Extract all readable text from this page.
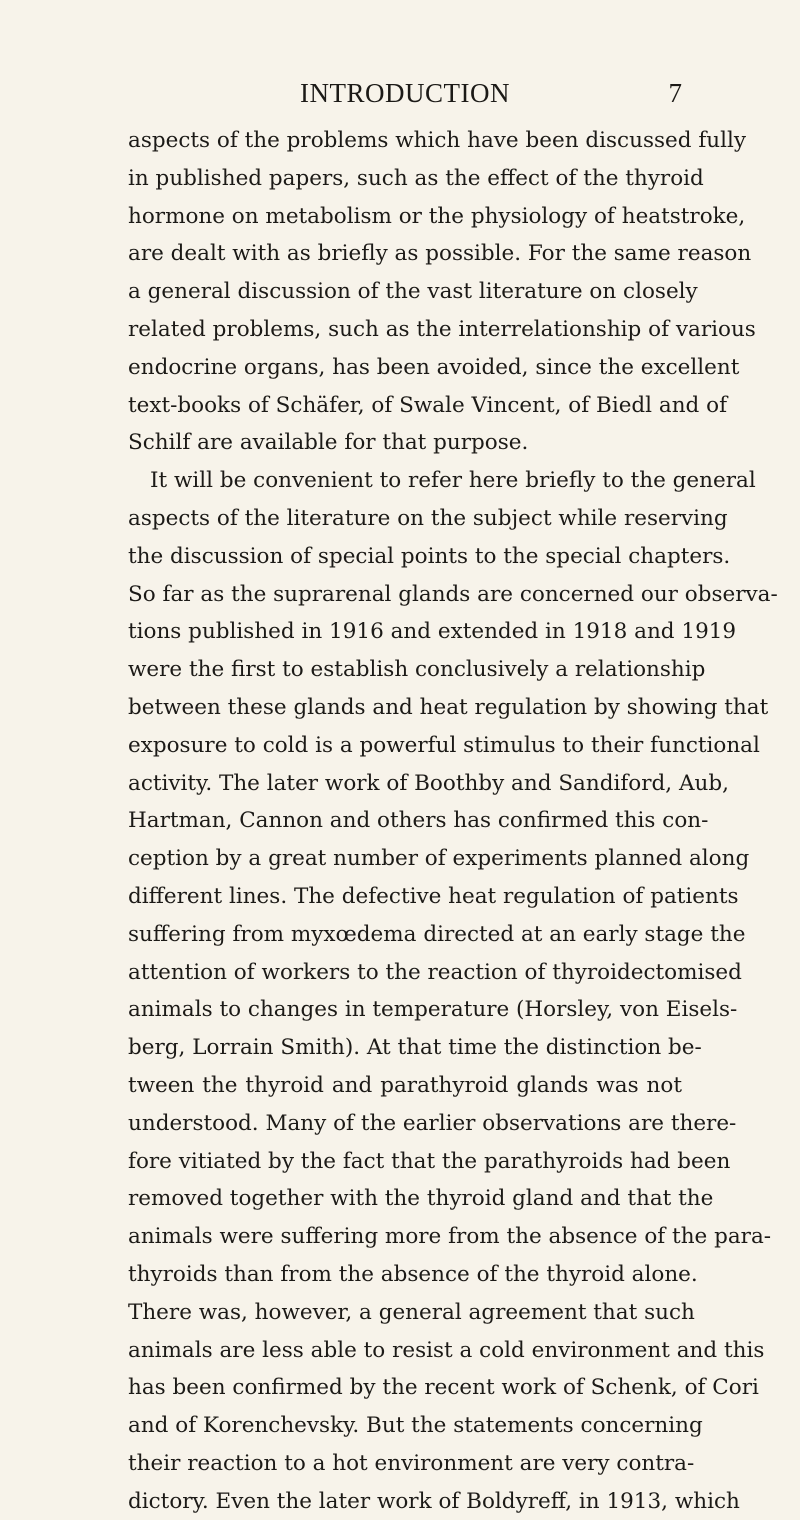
INTRODUCTION	7
aspects of the problems which have been discussed fully
in published papers, such as the effect of the thyroid
hormone on metabolism or the physiology of heatstroke,
are dealt with as briefly as possible. For the same reason
a general discussion of the vast literature on closely
related problems, such as the interrelationship of various
endocrine organs, has been avoided, since the excellent
text-books of Schäfer, of Swale Vincent, of Biedl and of
Schilf are available for that purpose.
It will be convenient to refer here briefly to the general
aspects of the literature on the subject while reserving
the discussion of special points to the special chapters.
So far as the suprarenal glands are concerned our observa-
tions published in 1916 and extended in 1918 and 1919
were the first to establish conclusively a relationship
between these glands and heat regulation by showing that
exposure to cold is a powerful stimulus to their functional
activity. The later work of Boothby and Sandiford, Aub,
Hartman, Cannon and others has confirmed this con-
ception by a great number of experiments planned along
different lines. The defective heat regulation of patients
suffering from myxœdema directed at an early stage the
attention of workers to the reaction of thyroidectomised
animals to changes in temperature (Horsley, von Eisels-
berg, Lorrain Smith). At that time the distinction be-
tween the thyroid and parathyroid glands was not
understood. Many of the earlier observations are there-
fore vitiated by the fact that the parathyroids had been
removed together with the thyroid gland and that the
animals were suffering more from the absence of the para-
thyroids than from the absence of the thyroid alone.
There was, however, a general agreement that such
animals are less able to resist a cold environment and this
has been confirmed by the recent work of Schenk, of Cori
and of Korenchevsky. But the statements concerning
their reaction to a hot environment are very contra-
dictory. Even the later work of Boldyreff, in 1913, which
